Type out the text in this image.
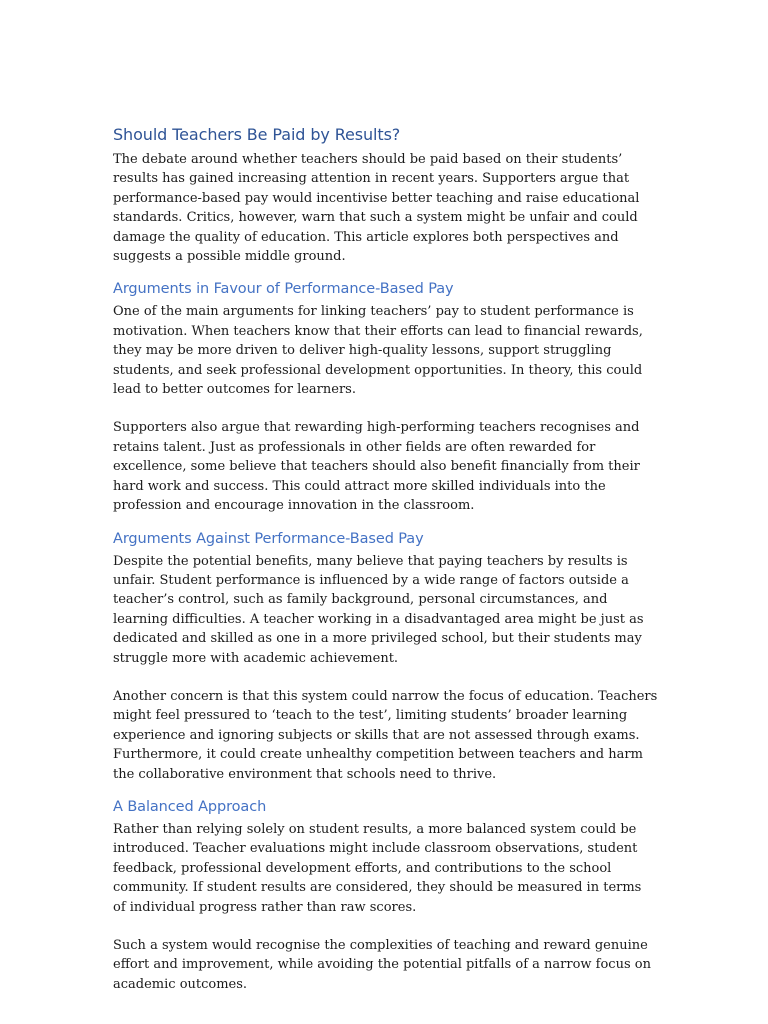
Should Teachers Be Paid by Results?

The debate around whether teachers should be paid based on their students’ results has gained increasing attention in recent years. Supporters argue that performance-based pay would incentivise better teaching and raise educational standards. Critics, however, warn that such a system might be unfair and could damage the quality of education. This article explores both perspectives and suggests a possible middle ground.

Arguments in Favour of Performance-Based Pay

One of the main arguments for linking teachers’ pay to student performance is motivation. When teachers know that their efforts can lead to financial rewards, they may be more driven to deliver high-quality lessons, support struggling students, and seek professional development opportunities. In theory, this could lead to better outcomes for learners.

Supporters also argue that rewarding high-performing teachers recognises and retains talent. Just as professionals in other fields are often rewarded for excellence, some believe that teachers should also benefit financially from their hard work and success. This could attract more skilled individuals into the profession and encourage innovation in the classroom.

Arguments Against Performance-Based Pay

Despite the potential benefits, many believe that paying teachers by results is unfair. Student performance is influenced by a wide range of factors outside a teacher’s control, such as family background, personal circumstances, and learning difficulties. A teacher working in a disadvantaged area might be just as dedicated and skilled as one in a more privileged school, but their students may struggle more with academic achievement.

Another concern is that this system could narrow the focus of education. Teachers might feel pressured to ‘teach to the test’, limiting students’ broader learning experience and ignoring subjects or skills that are not assessed through exams. Furthermore, it could create unhealthy competition between teachers and harm the collaborative environment that schools need to thrive.

A Balanced Approach

Rather than relying solely on student results, a more balanced system could be introduced. Teacher evaluations might include classroom observations, student feedback, professional development efforts, and contributions to the school community. If student results are considered, they should be measured in terms of individual progress rather than raw scores.

Such a system would recognise the complexities of teaching and reward genuine effort and improvement, while avoiding the potential pitfalls of a narrow focus on academic outcomes.
